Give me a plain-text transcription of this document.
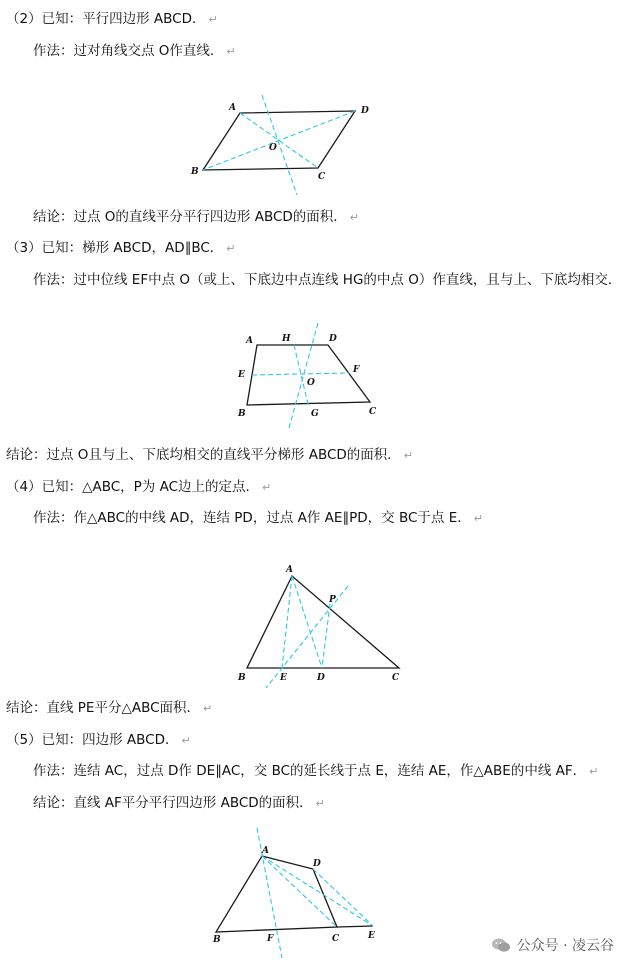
（2）已知：平行四边形 ABCD． ↵
作法：过对角线交点 O作直线． ↵
A	D
B	C
O
结论：过点 O的直线平分平行四边形 ABCD的面积． ↵
（3）已知：梯形 ABCD，AD∥BC． ↵
作法：过中位线 EF中点 O（或上、下底边中点连线 HG的中点 O）作直线，且与上、下底均相交．
A	H	D
E	F
O
B	G	C
结论：过点 O且与上、下底均相交的直线平分梯形 ABCD的面积． ↵
（4）已知：△ABC，P为 AC边上的定点． ↵
作法：作△ABC的中线 AD，连结 PD，过点 A作 AE∥PD，交 BC于点 E． ↵
A
P
B	E	D	C
结论：直线 PE平分△ABC面积． ↵
（5）已知：四边形 ABCD． ↵
作法：连结 AC，过点 D作 DE∥AC，交 BC的延长线于点 E，连结 AE，作△ABE的中线 AF． ↵
结论：直线 AF平分平行四边形 ABCD的面积． ↵
A
D
B	F	C	E
公众号 · 凌云谷
